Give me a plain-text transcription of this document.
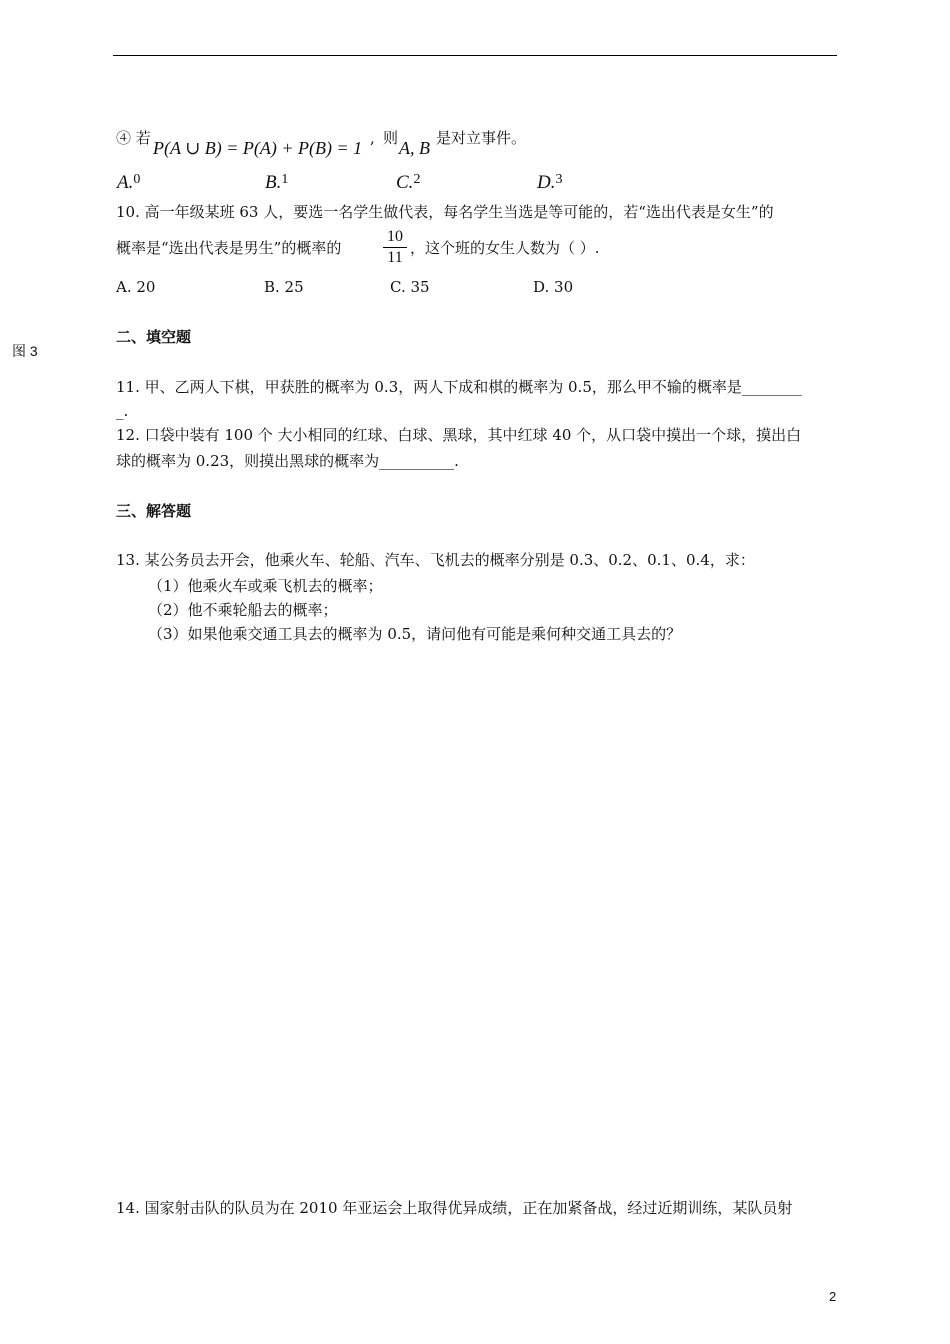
④ 若 P(A ∪ B) = P(A) + P(B) = 1 , 则 A, B 是对立事件。
A.0	B.1	C.2	D.3
10. 高一年级某班 63 人，要选一名学生做代表，每名学生当选是等可能的，若“选出代表是女生”的
概率是“选出代表是男生”的概率的
10
11
，这个班的女生人数为（ ）.
A. 20	B. 25	C. 35	D. 30
图 3
二、填空题
11. 甲、乙两人下棋，甲获胜的概率为 0.3，两人下成和棋的概率为 0.5，那么甲不输的概率是________
_.
12. 口袋中装有 100 个 大小相同的红球、白球、黑球，其中红球 40 个，从口袋中摸出一个球，摸出白
球的概率为 0.23，则摸出黑球的概率为__________.
三、解答题
13. 某公务员去开会，他乘火车、轮船、汽车、飞机去的概率分别是 0.3、0.2、0.1、0.4，求：
（1）他乘火车或乘飞机去的概率；
（2）他不乘轮船去的概率；
（3）如果他乘交通工具去的概率为 0.5，请问他有可能是乘何种交通工具去的？
14. 国家射击队的队员为在 2010 年亚运会上取得优异成绩，正在加紧备战，经过近期训练，某队员射
2
